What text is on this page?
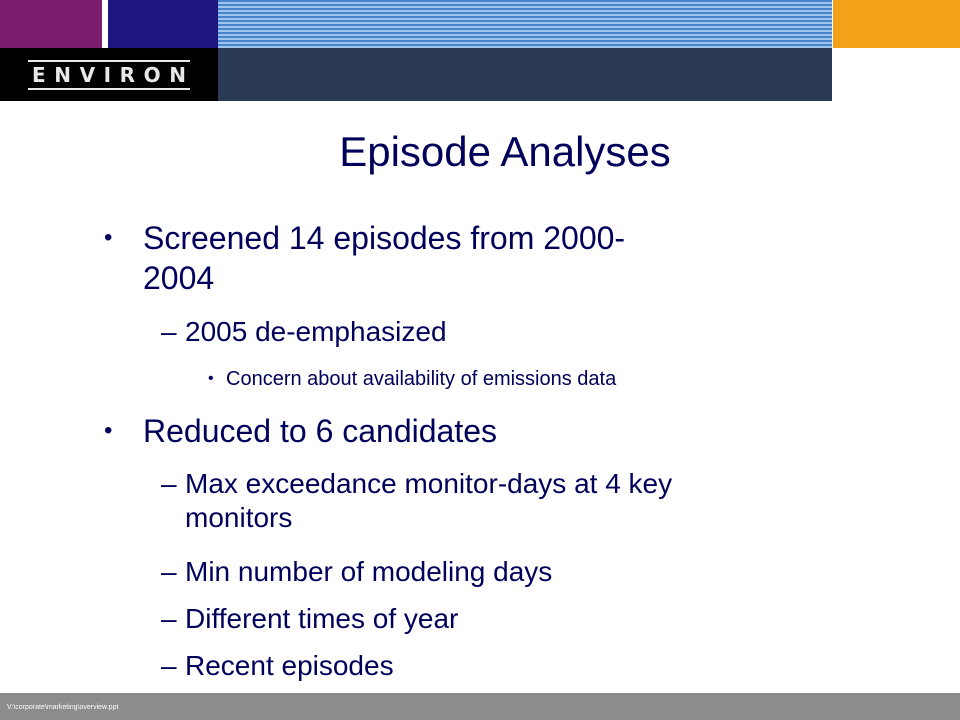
E N V I R O N
Episode Analyses
• Screened 14 episodes from 2000-
2004
– 2005 de-emphasized
• Concern about availability of emissions data
• Reduced to 6 candidates
– Max exceedance monitor-days at 4 key
monitors
– Min number of modeling days
– Different times of year
– Recent episodes
V:\corporate\marketing\overview.ppt
